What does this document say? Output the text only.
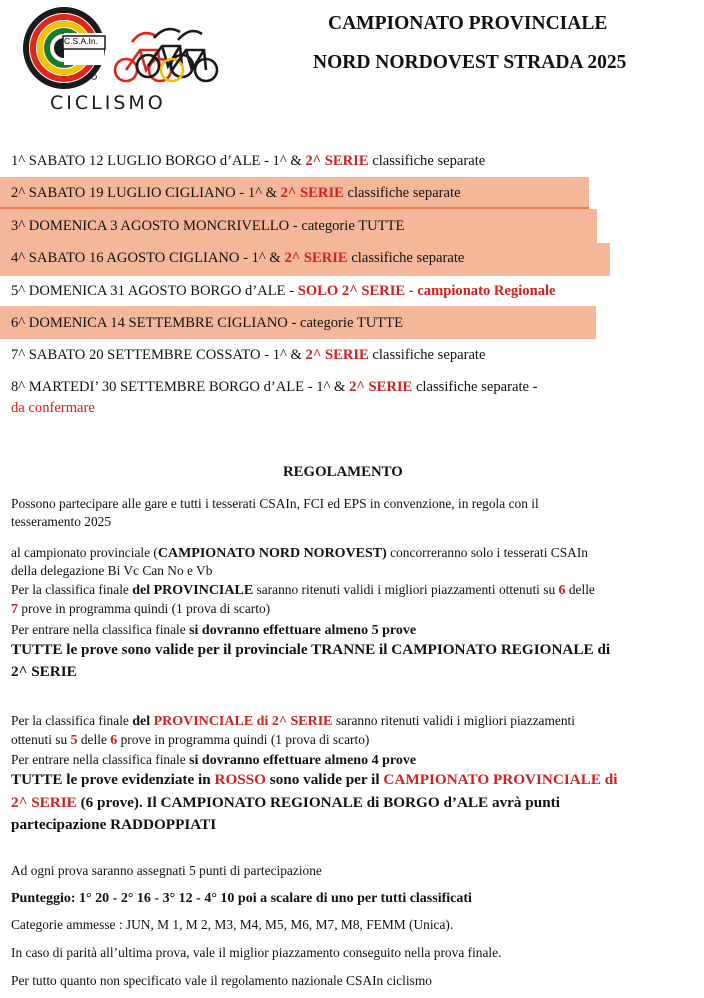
C.S.A.In.
CICLISMO
CAMPIONATO PROVINCIALE
NORD NORDOVEST STRADA 2025
1^ SABATO 12 LUGLIO BORGO d’ALE - 1^ & 2^ SERIE classifiche separate
2^ SABATO 19 LUGLIO CIGLIANO - 1^ & 2^ SERIE classifiche separate
3^ DOMENICA 3 AGOSTO MONCRIVELLO - categorie TUTTE
4^ SABATO 16 AGOSTO CIGLIANO - 1^ & 2^ SERIE classifiche separate
5^ DOMENICA 31 AGOSTO BORGO d’ALE - SOLO 2^ SERIE - campionato Regionale
6^ DOMENICA 14 SETTEMBRE CIGLIANO - categorie TUTTE
7^ SABATO 20 SETTEMBRE COSSATO - 1^ & 2^ SERIE classifiche separate
8^ MARTEDI’ 30 SETTEMBRE BORGO d’ALE - 1^ & 2^ SERIE classifiche separate -
da confermare
REGOLAMENTO
Possono partecipare alle gare e tutti i tesserati CSAIn, FCI ed EPS in convenzione, in regola con il
tesseramento 2025
al campionato provinciale (CAMPIONATO NORD NOROVEST) concorreranno solo i tesserati CSAIn
della delegazione Bi Vc Can No e Vb
Per la classifica finale del PROVINCIALE saranno ritenuti validi i migliori piazzamenti ottenuti su 6 delle
7 prove in programma quindi (1 prova di scarto)
Per entrare nella classifica finale si dovranno effettuare almeno 5 prove
TUTTE le prove sono valide per il provinciale TRANNE il CAMPIONATO REGIONALE di
2^ SERIE
Per la classifica finale del PROVINCIALE di 2^ SERIE saranno ritenuti validi i migliori piazzamenti
ottenuti su 5 delle 6 prove in programma quindi (1 prova di scarto)
Per entrare nella classifica finale si dovranno effettuare almeno 4 prove
TUTTE le prove evidenziate in ROSSO sono valide per il CAMPIONATO PROVINCIALE di
2^ SERIE (6 prove). Il CAMPIONATO REGIONALE di BORGO d’ALE avrà punti
partecipazione RADDOPPIATI
Ad ogni prova saranno assegnati 5 punti di partecipazione
Punteggio: 1° 20 - 2° 16 - 3° 12 - 4° 10 poi a scalare di uno per tutti classificati
Categorie ammesse : JUN, M 1, M 2, M3, M4, M5, M6, M7, M8, FEMM (Unica).
In caso di parità all’ultima prova, vale il miglior piazzamento conseguito nella prova finale.
Per tutto quanto non specificato vale il regolamento nazionale CSAIn ciclismo
